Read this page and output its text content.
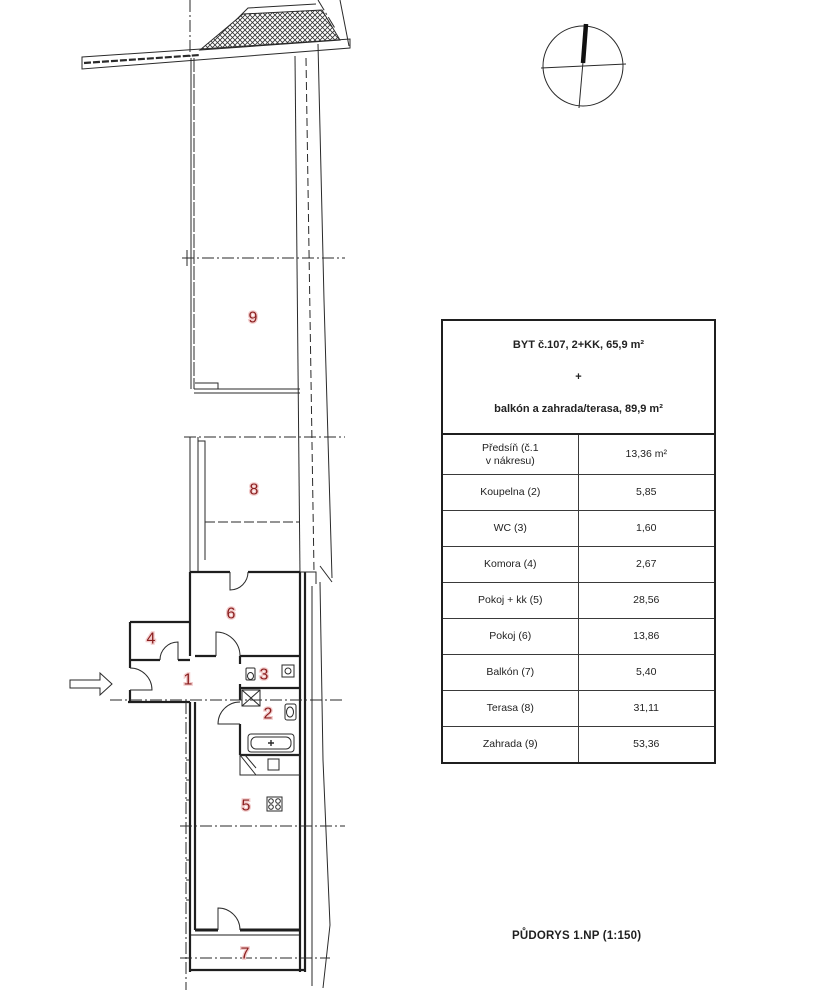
9
8
6
4
3
1
2
5
7

BYT č.107, 2+KK, 65,9 m²

+

balkón a zahrada/terasa, 89,9 m²	

Předsíň (č.1
v nákresu)	13,36 m²
Koupelna (2)	5,85
WC (3)	1,60
Komora (4)	2,67
Pokoj + kk (5)	28,56
Pokoj (6)	13,86
Balkón (7)	5,40
Terasa (8)	31,11
Zahrada (9)	53,36
PŮDORYS 1.NP (1:150)
